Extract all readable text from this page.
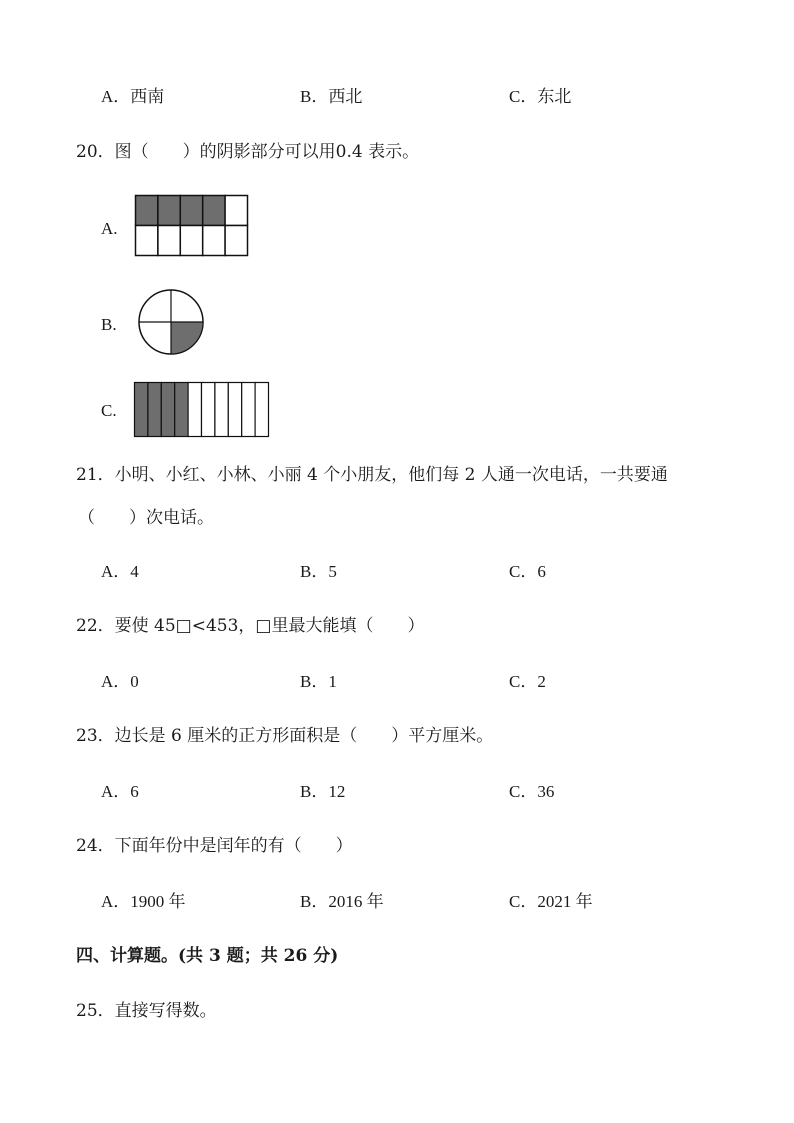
A．西南	B．西北	C．东北
20．图（　　）的阴影部分可以用0.4 表示。
A.
B.
C.
21．小明、小红、小林、小丽 4 个小朋友，他们每 2 人通一次电话，一共要通
（　　）次电话。
A．4	B．5	C．6
22．要使 45□<453，□里最大能填（　　）
A．0	B．1	C．2
23．边长是 6 厘米的正方形面积是（　　）平方厘米。
A．6	B．12	C．36
24．下面年份中是闰年的有（　　）
A．1900 年	B．2016 年	C．2021 年
四、计算题。(共 3 题；共 26 分)
25．直接写得数。
